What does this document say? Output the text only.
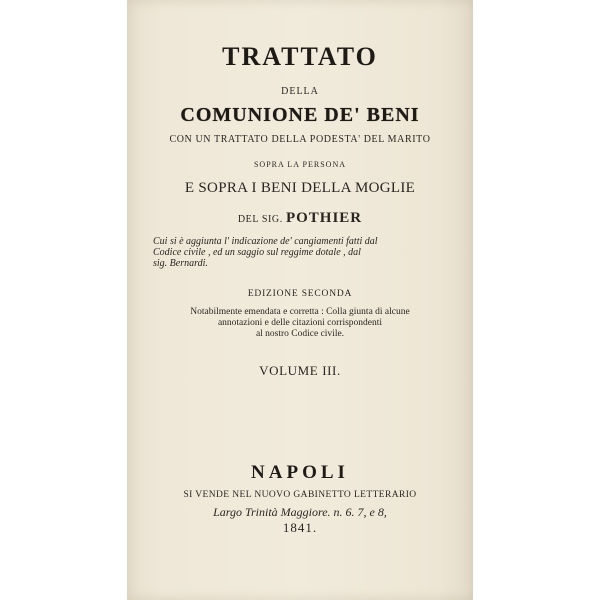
TRATTATO
DELLA
COMUNIONE DE' BENI
CON UN TRATTATO DELLA PODESTA' DEL MARITO
SOPRA LA PERSONA
E SOPRA I BENI DELLA MOGLIE
DEL SIG. POTHIER
Cui si è aggiunta l' indicazione de' cangiamenti fatti dal
Codice civile , ed un saggio sul reggime dotale , dal
sig. Bernardi.
EDIZIONE SECONDA
Notabilmente emendata e corretta : Colla giunta di alcune
annotazioni e delle citazioni corrispondenti
al nostro Codice civile.
VOLUME III.
NAPOLI
SI VENDE NEL NUOVO GABINETTO LETTERARIO
Largo Trinità Maggiore. n. 6. 7, e 8,
1841.
